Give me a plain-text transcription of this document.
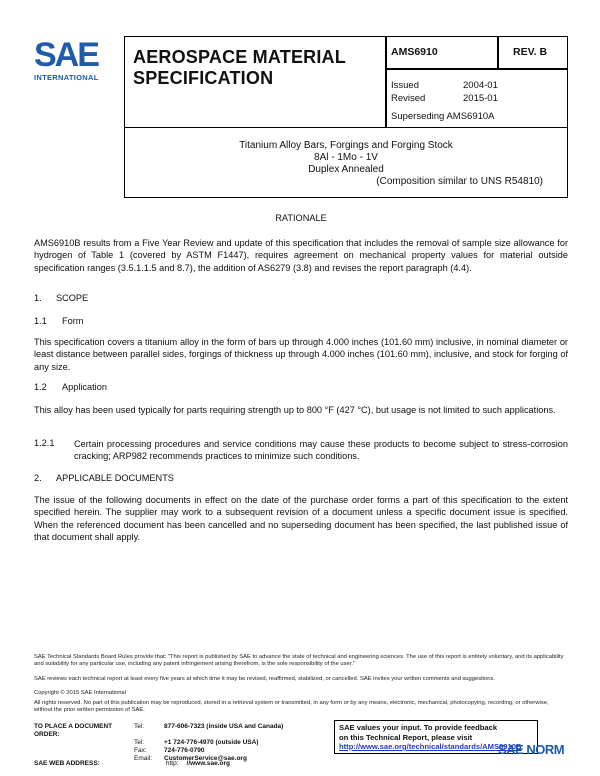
SAE
INTERNATIONAL
AEROSPACE MATERIAL SPECIFICATION
AMS6910	REV. B
Issued	2004-01
Revised	2015-01
Superseding AMS6910A
Titanium Alloy Bars, Forgings and Forging Stock
8Al - 1Mo - 1V
Duplex Annealed
(Composition similar to UNS R54810)
RATIONALE
AMS6910B results from a Five Year Review and update of this specification that includes the removal of sample size allowance for hydrogen of Table 1 (covered by ASTM F1447), requires agreement on mechanical property values for material outside specification ranges (3.5.1.1.5 and 8.7), the addition of AS6279 (3.8) and revises the report paragraph (4.4).
1. SCOPE
1.1 Form
This specification covers a titanium alloy in the form of bars up through 4.000 inches (101.60 mm) inclusive, in nominal diameter or least distance between parallel sides, forgings of thickness up through 4.000 inches (101.60 mm), inclusive, and stock for forging of any size.
1.2 Application
This alloy has been used typically for parts requiring strength up to 800 °F (427 °C), but usage is not limited to such applications.
1.2.1 Certain processing procedures and service conditions may cause these products to become subject to stress-corrosion cracking; ARP982 recommends practices to minimize such conditions.
2. APPLICABLE DOCUMENTS
The issue of the following documents in effect on the date of the purchase order forms a part of this specification to the extent specified herein. The supplier may work to a subsequent revision of a document unless a specific document issue is specified. When the referenced document has been cancelled and no superseding document has been specified, the last published issue of that document shall apply.
SAE Technical Standards Board Rules provide that: "This report is published by SAE to advance the state of technical and engineering sciences. The use of this report is entirely voluntary, and its applicability and suitability for any particular use, including any patent infringement arising therefrom, is the sole responsibility of the user."
SAE reviews each technical report at least every five years at which time it may be revised, reaffirmed, stabilized, or cancelled. SAE invites your written comments and suggestions.
Copyright © 2015 SAE International
All rights reserved. No part of this publication may be reproduced, stored in a retrieval system or transmitted, in any form or by any means, electronic, mechanical, photocopying, recording, or otherwise, without the prior written permission of SAE.
TO PLACE A DOCUMENT ORDER:
Tel:	877-606-7323 (inside USA and Canada)
Tel:	+1 724-776-4970 (outside USA)
Fax:	724-776-0790
Email:	CustomerService@sae.org
SAE WEB ADDRESS:	http: //www.sae.org
SAE values your input. To provide feedback
on this Technical Report, please visit
http://www.sae.org/technical/standards/AMS6910B
SAE NORM
